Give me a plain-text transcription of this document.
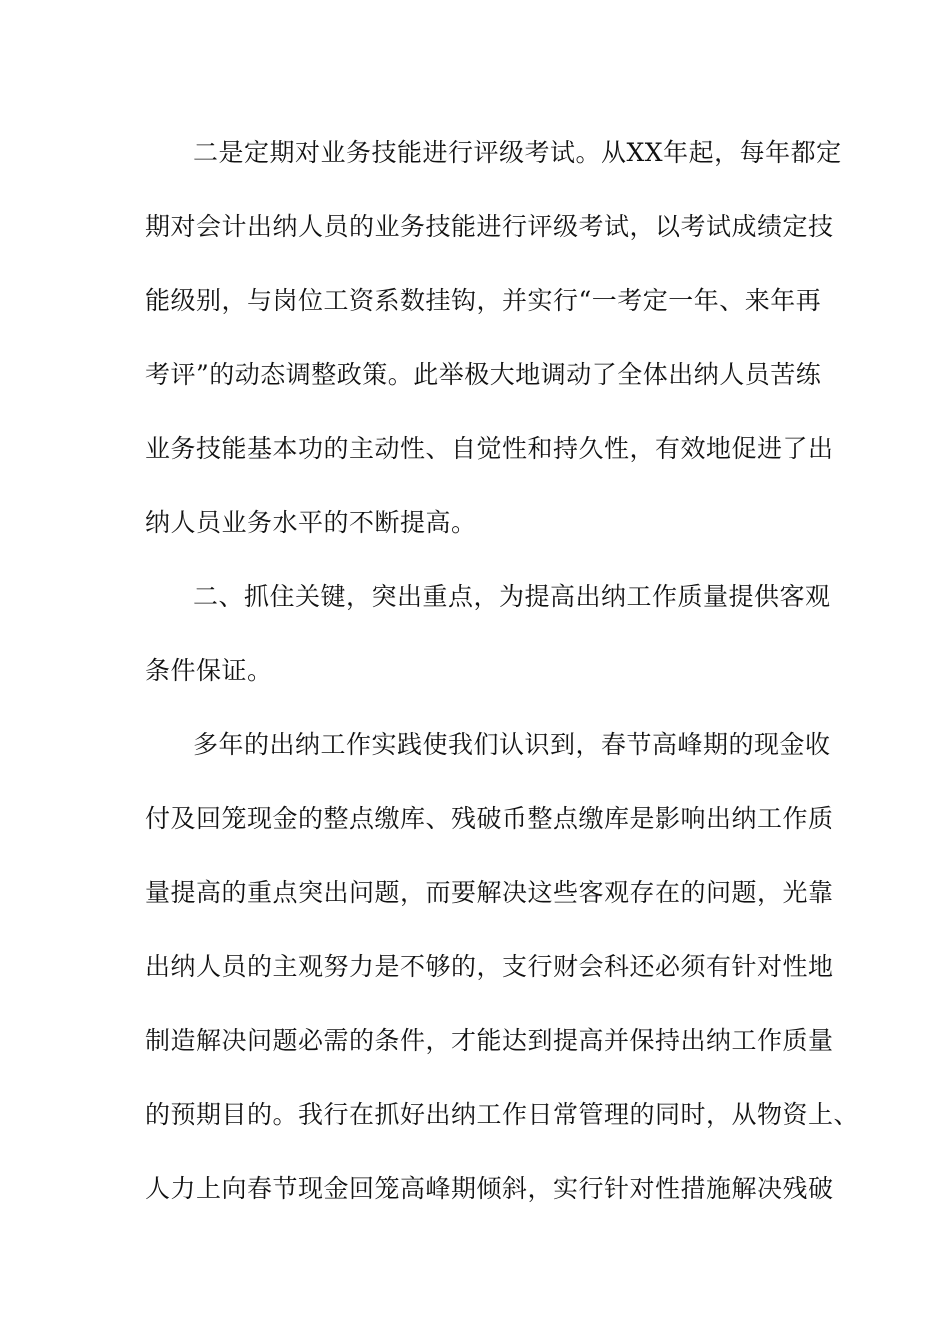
二是定期对业务技能进行评级考试。从XX年起，每年都定
期对会计出纳人员的业务技能进行评级考试，以考试成绩定技
能级别，与岗位工资系数挂钩，并实行“一考定一年、来年再
考评”的动态调整政策。此举极大地调动了全体出纳人员苦练
业务技能基本功的主动性、自觉性和持久性，有效地促进了出
纳人员业务水平的不断提高。
二、抓住关键，突出重点，为提高出纳工作质量提供客观
条件保证。
多年的出纳工作实践使我们认识到，春节高峰期的现金收
付及回笼现金的整点缴库、残破币整点缴库是影响出纳工作质
量提高的重点突出问题，而要解决这些客观存在的问题，光靠
出纳人员的主观努力是不够的，支行财会科还必须有针对性地
制造解决问题必需的条件，才能达到提高并保持出纳工作质量
的预期目的。我行在抓好出纳工作日常管理的同时，从物资上、
人力上向春节现金回笼高峰期倾斜，实行针对性措施解决残破
